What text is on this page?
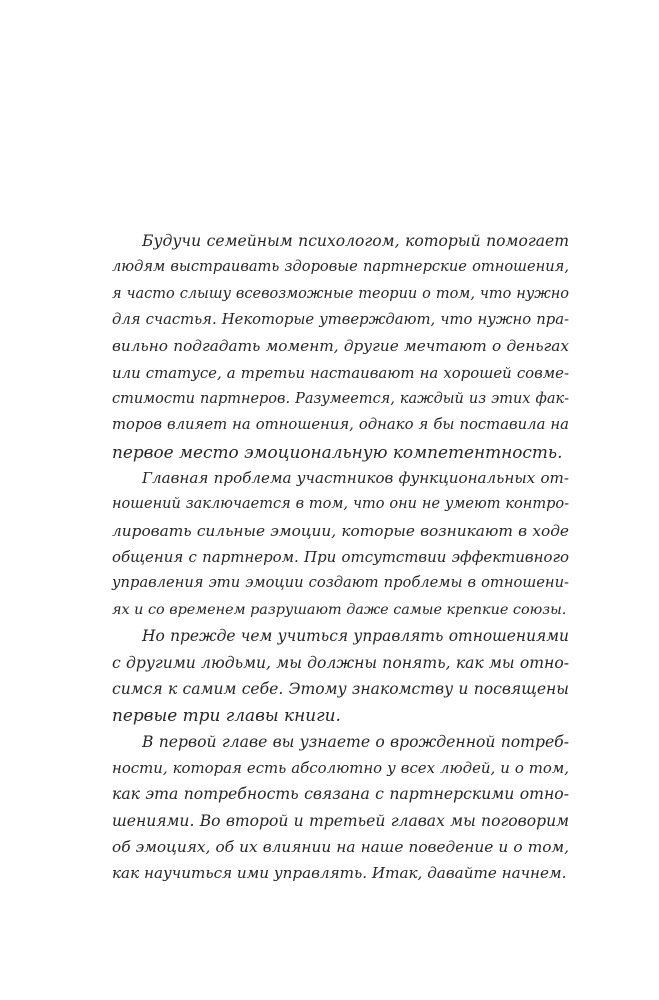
Будучи семейным психологом, который помогает
людям выстраивать здоровые партнерские отношения,
я часто слышу всевозможные теории о том, что нужно
для счастья. Некоторые утверждают, что нужно пра-
вильно подгадать момент, другие мечтают о деньгах
или статусе, а третьи настаивают на хорошей совме-
стимости партнеров. Разумеется, каждый из этих фак-
торов влияет на отношения, однако я бы поставила на
первое место эмоциональную компетентность.
Главная проблема участников функциональных от-
ношений заключается в том, что они не умеют контро-
лировать сильные эмоции, которые возникают в ходе
общения с партнером. При отсутствии эффективного
управления эти эмоции создают проблемы в отношени-
ях и со временем разрушают даже самые крепкие союзы.
Но прежде чем учиться управлять отношениями
с другими людьми, мы должны понять, как мы отно-
симся к самим себе. Этому знакомству и посвящены
первые три главы книги.
В первой главе вы узнаете о врожденной потреб-
ности, которая есть абсолютно у всех людей, и о том,
как эта потребность связана с партнерскими отно-
шениями. Во второй и третьей главах мы поговорим
об эмоциях, об их влиянии на наше поведение и о том,
как научиться ими управлять. Итак, давайте начнем.
